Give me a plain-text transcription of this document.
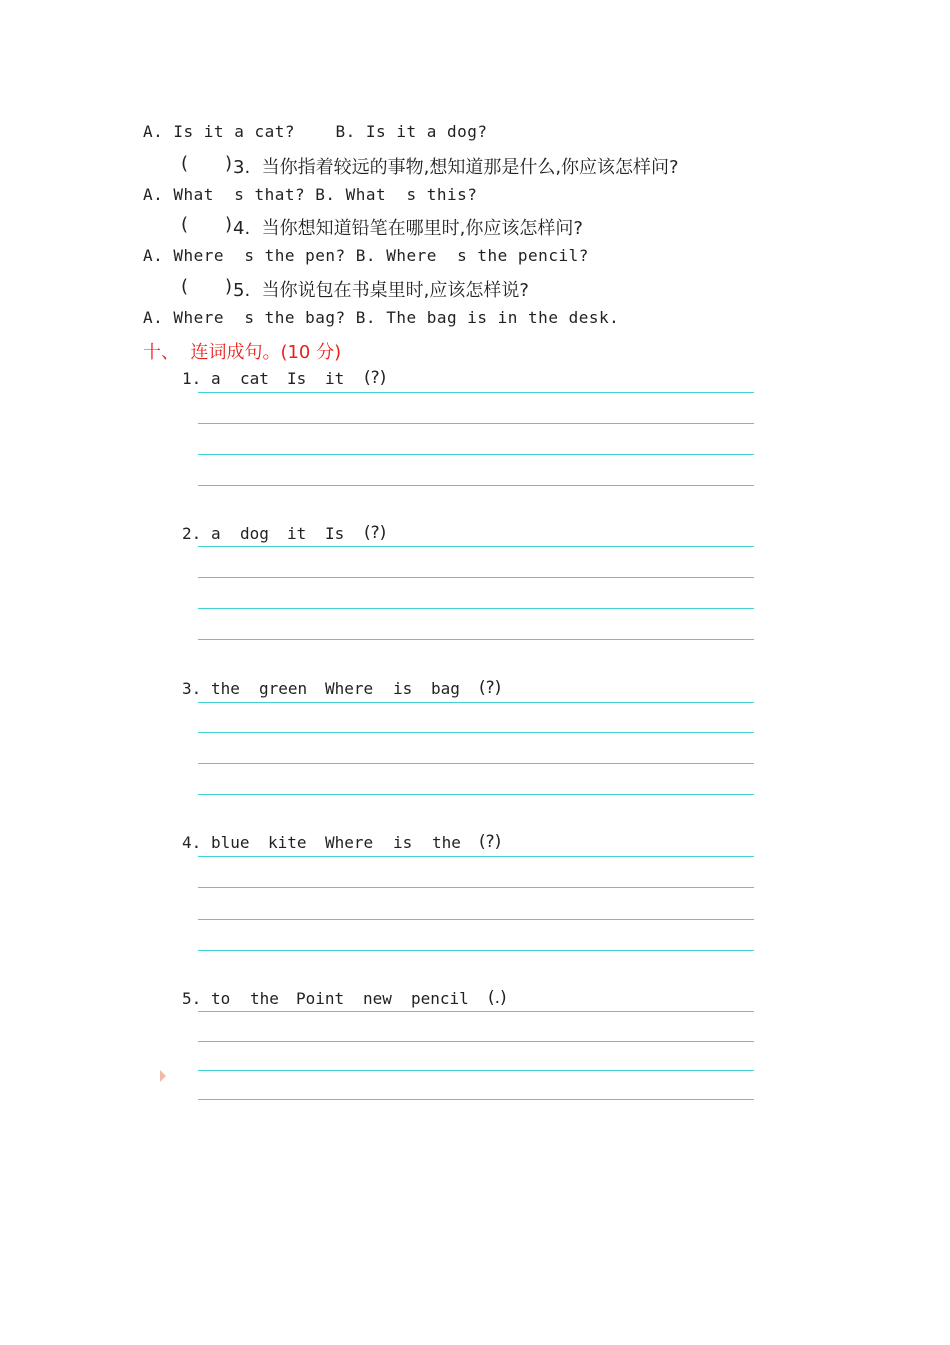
A. Is it a cat?    B. Is it a dog?
( ) 3.  当你指着较远的事物,想知道那是什么,你应该怎样问?
A. What  s that? B. What  s this?
( ) 4.  当你想知道铅笔在哪里时,你应该怎样问?
A. Where  s the pen? B. Where  s the pencil?
( ) 5.  当你说包在书桌里时,应该怎样说?
A. Where  s the bag? B. The bag is in the desk.
十、  连词成句。(10 分)
1. a cat Is it (?)
2. a dog it Is (?)
3. the green Where is bag (?)
4. blue kite Where is the (?)
5. to the Point new pencil (.)
